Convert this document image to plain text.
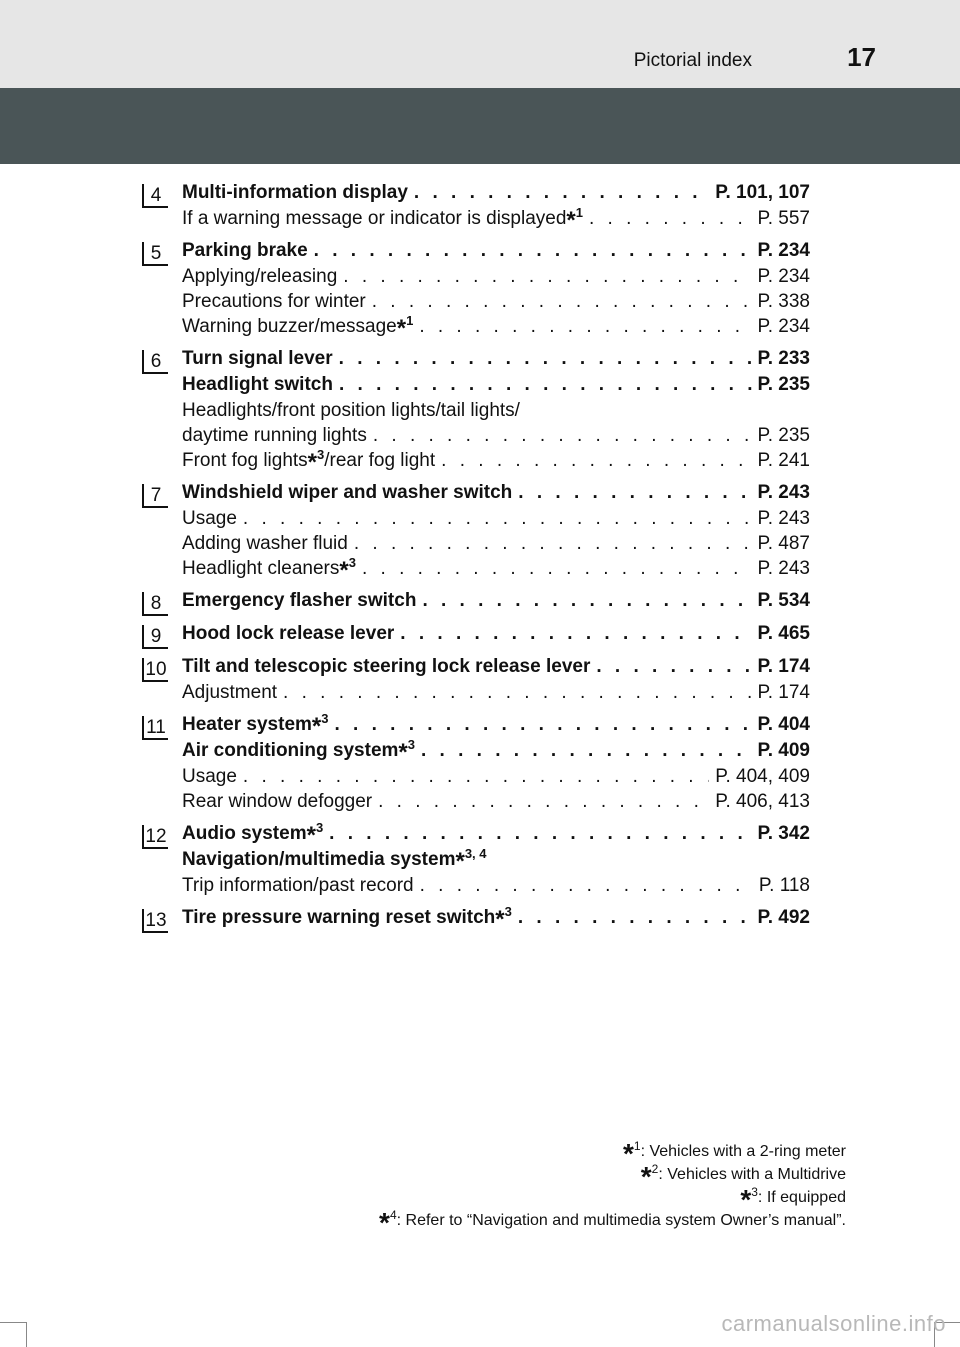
Pictorial index	17
4	Multi-information display . . .	P. 101, 107
If a warning message or indicator is displayed*$^1$ . . .	P. 557
5	Parking brake . . .	P. 234
Applying/releasing . . .	P. 234
Precautions for winter . . .	P. 338
Warning buzzer/message*$^1$ . . .	P. 234
6	Turn signal lever . . .	P. 233
Headlight switch . . .	P. 235
Headlights/front position lights/tail lights/
daytime running lights . . .	P. 235
Front fog lights*$^3$/rear fog light . . .	P. 241
7	Windshield wiper and washer switch . . .	P. 243
Usage . . .	P. 243
Adding washer fluid . . .	P. 487
Headlight cleaners*$^3$ . . .	P. 243
8	Emergency flasher switch . . .	P. 534
9	Hood lock release lever . . .	P. 465
10 Tilt and telescopic steering lock release lever . . .	P. 174
Adjustment . . .	P. 174
11 Heater system*$^3$ . . .	P. 404
Air conditioning system*$^3$ . . .	P. 409
Usage . . .	P. 404, 409
Rear window defogger . . .	P. 406, 413
12 Audio system*$^3$ . . .	P. 342
Navigation/multimedia system*$^{3, 4}$
Trip information/past record . . .	P. 118
13 Tire pressure warning reset switch*$^3$ . . .	P. 492
*$^1$: Vehicles with a 2-ring meter
*$^2$: Vehicles with a Multidrive
*$^3$: If equipped
*$^4$: Refer to “Navigation and multimedia system Owner’s manual”.
carmanualsonline.info
